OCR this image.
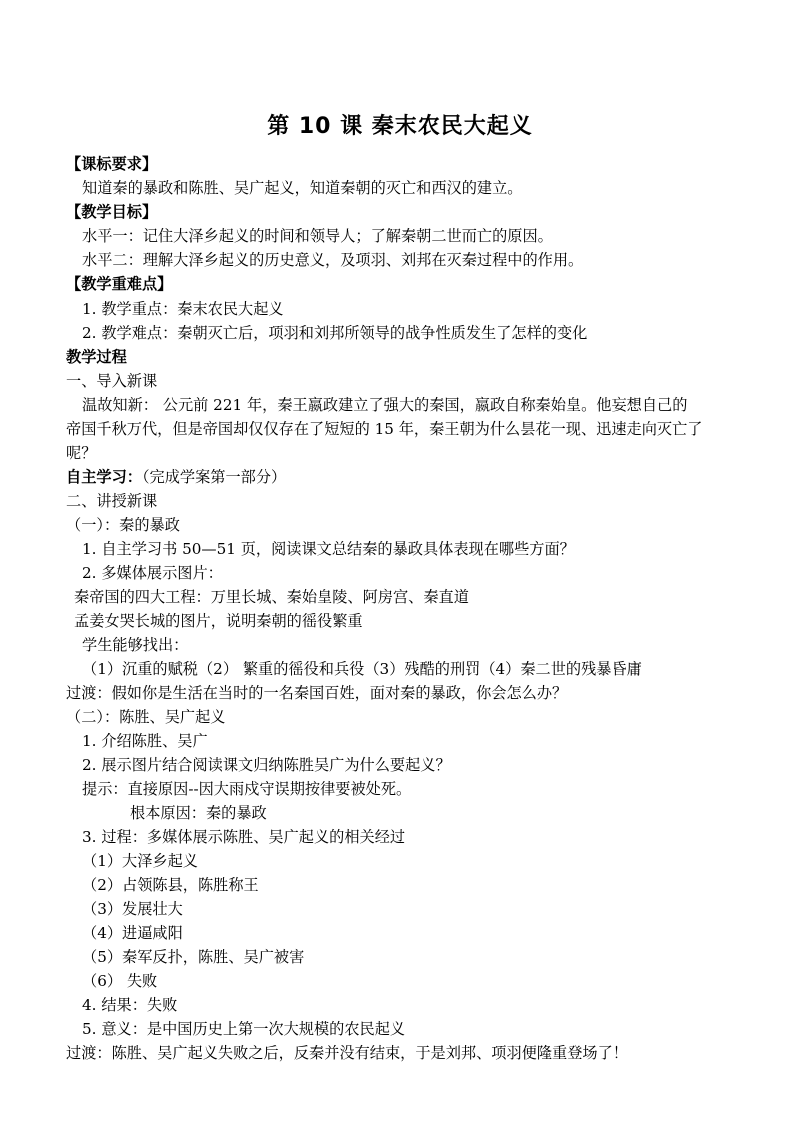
第 10 课 秦末农民大起义
【课标要求】
知道秦的暴政和陈胜、吴广起义，知道秦朝的灭亡和西汉的建立。
【教学目标】
水平一：记住大泽乡起义的时间和领导人；了解秦朝二世而亡的原因。
水平二：理解大泽乡起义的历史意义，及项羽、刘邦在灭秦过程中的作用。
【教学重难点】
1. 教学重点：秦末农民大起义
2. 教学难点：秦朝灭亡后，项羽和刘邦所领导的战争性质发生了怎样的变化
教学过程
一、导入新课
温故知新： 公元前 221 年，秦王嬴政建立了强大的秦国，嬴政自称秦始皇。他妄想自己的
帝国千秋万代，但是帝国却仅仅存在了短短的 15 年，秦王朝为什么昙花一现、迅速走向灭亡了
呢？
自主学习：（完成学案第一部分）
二、讲授新课
（一）：秦的暴政
1. 自主学习书 50—51 页，阅读课文总结秦的暴政具体表现在哪些方面？
2. 多媒体展示图片：
秦帝国的四大工程：万里长城、秦始皇陵、阿房宫、秦直道
孟姜女哭长城的图片，说明秦朝的徭役繁重
学生能够找出：
（1）沉重的赋税（2） 繁重的徭役和兵役（3）残酷的刑罚（4）秦二世的残暴昏庸
过渡：假如你是生活在当时的一名秦国百姓，面对秦的暴政，你会怎么办？
（二）：陈胜、吴广起义
1. 介绍陈胜、吴广
2. 展示图片结合阅读课文归纳陈胜吴广为什么要起义？
提示：直接原因--因大雨戍守误期按律要被处死。
根本原因：秦的暴政
3. 过程：多媒体展示陈胜、吴广起义的相关经过
（1）大泽乡起义
（2）占领陈县，陈胜称王
（3）发展壮大
（4）进逼咸阳
（5）秦军反扑，陈胜、吴广被害
（6） 失败
4. 结果：失败
5. 意义：是中国历史上第一次大规模的农民起义
过渡：陈胜、吴广起义失败之后，反秦并没有结束，于是刘邦、项羽便隆重登场了！
